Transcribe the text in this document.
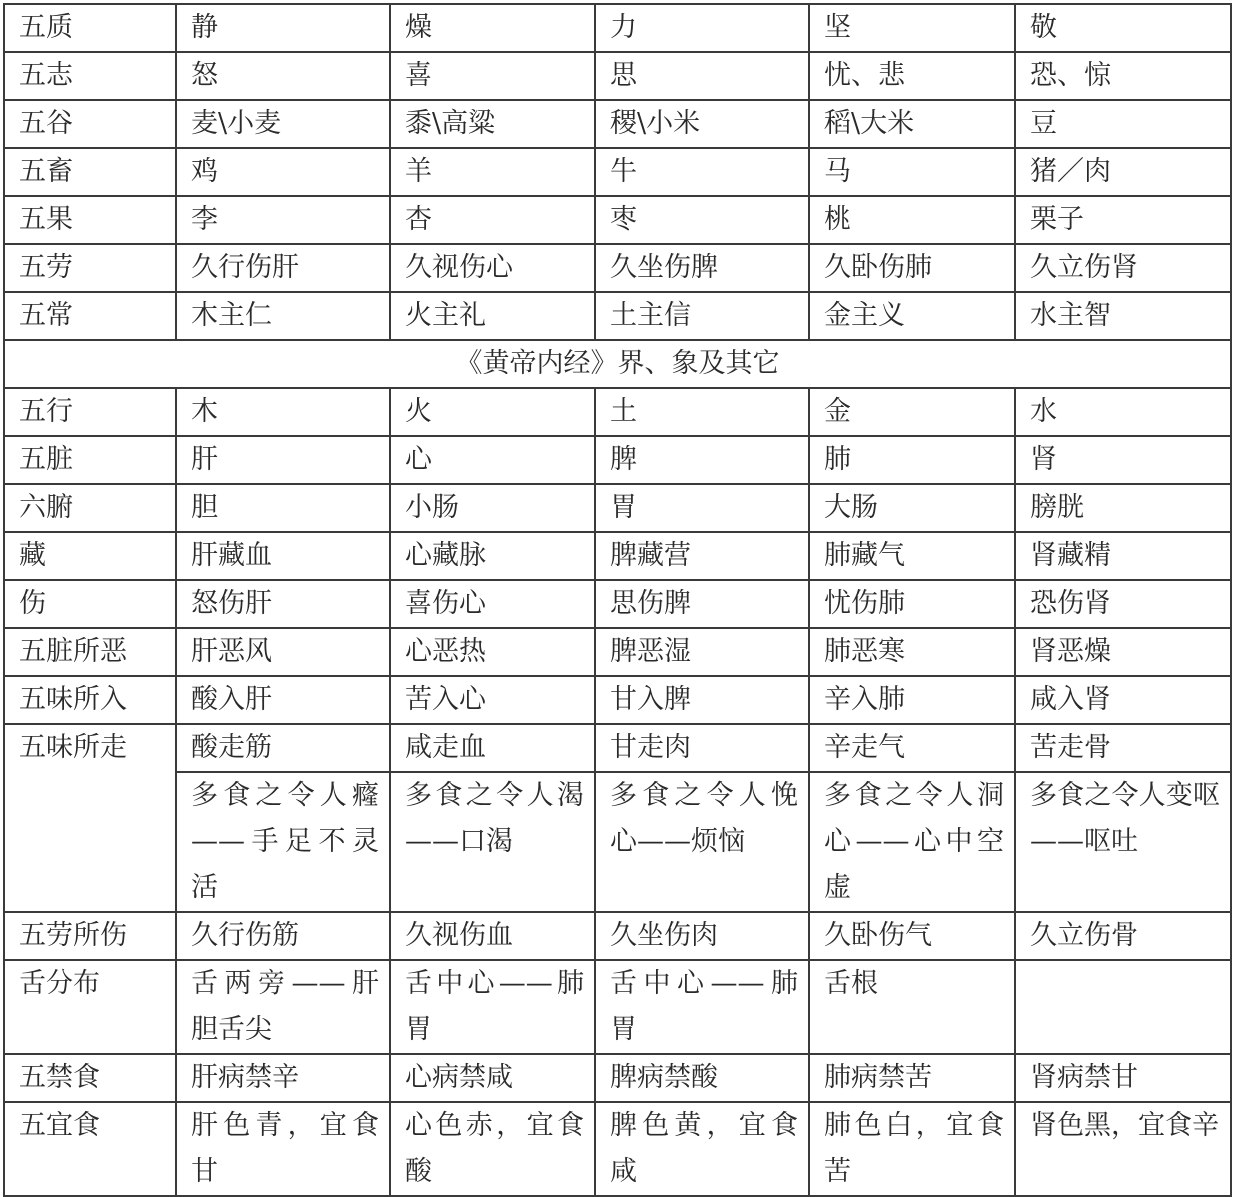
五质	静	燥	力	坚	敬
五志	怒	喜	思	忧、悲	恐、惊
五谷	麦\小麦	黍\高粱	稷\小米	稻\大米	豆
五畜	鸡	羊	牛	马	猪／肉
五果	李	杏	枣	桃	栗子
五劳	久行伤肝	久视伤心	久坐伤脾	久卧伤肺	久立伤肾
五常	木主仁	火主礼	土主信	金主义	水主智
《黄帝内经》界、象及其它					
五行	木	火	土	金	水
五脏	肝	心	脾	肺	肾
六腑	胆	小肠	胃	大肠	膀胱
藏	肝藏血	心藏脉	脾藏营	肺藏气	肾藏精
伤	怒伤肝	喜伤心	思伤脾	忧伤肺	恐伤肾
五脏所恶	肝恶风	心恶热	脾恶湿	肺恶寒	肾恶燥
五味所入	酸入肝	苦入心	甘入脾	辛入肺	咸入肾
五味所走	酸走筋	咸走血	甘走肉	辛走气	苦走骨
	多食之令人癃——手足不灵活	多食之令人渴——口渴	多食之令人悗心——烦恼	多食之令人洞心——心中空虚	多食之令人变呕——呕吐
五劳所伤	久行伤筋	久视伤血	久坐伤肉	久卧伤气	久立伤骨
舌分布	舌两旁——肝胆舌尖	舌中心——肺胃	舌中心——肺胃	舌根	
五禁食	肝病禁辛	心病禁咸	脾病禁酸	肺病禁苦	肾病禁甘
五宜食	肝色青，宜食甘	心色赤，宜食酸	脾色黄，宜食咸	肺色白，宜食苦	肾色黑，宜食辛
